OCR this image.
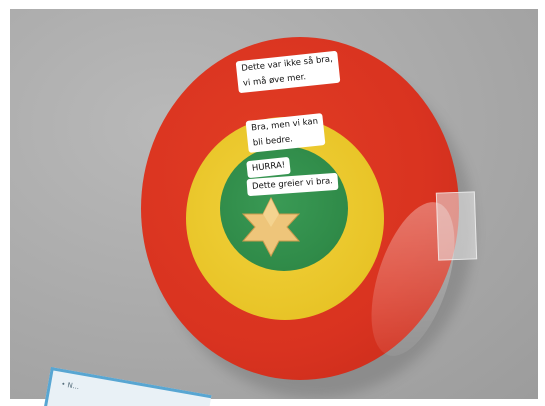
Dette var ikke så bra,
vi må øve mer.
Bra, men vi kan
bli bedre.
HURRA!
Dette greier vi bra.
• N...
